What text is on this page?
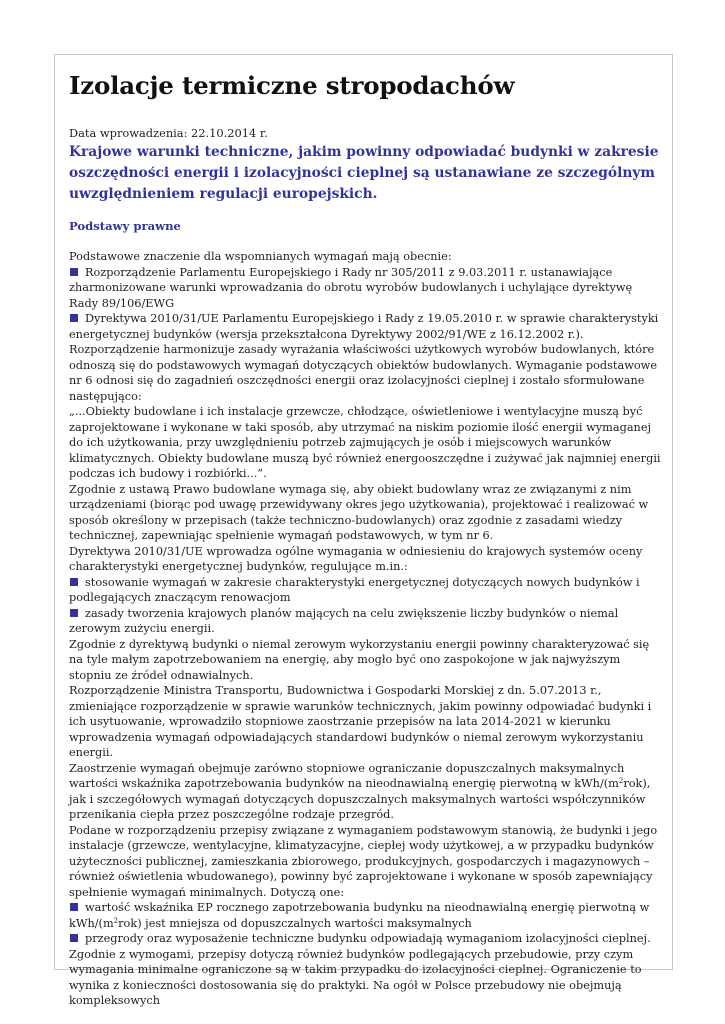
Izolacje termiczne stropodachów
Data wprowadzenia: 22.10.2014 r.
Krajowe warunki techniczne, jakim powinny odpowiadać budynki w zakresie oszczędności energii i izolacyjności cieplnej są ustanawiane ze szczególnym uwzględnieniem regulacji europejskich.
Podstawy prawne

Podstawowe znaczenie dla wspomnianych wymagań mają obecnie:

Rozporządzenie Parlamentu Europejskiego i Rady nr 305/2011 z 9.03.2011 r. ustanawiające zharmonizowane warunki wprowadzania do obrotu wyrobów budowlanych i uchylające dyrektywę Rady 89/106/EWG

Dyrektywa 2010/31/UE Parlamentu Europejskiego i Rady z 19.05.2010 r. w sprawie charakterystyki energetycznej budynków (wersja przekształcona Dyrektywy 2002/91/WE z 16.12.2002 r.).

Rozporządzenie harmonizuje zasady wyrażania właściwości użytkowych wyrobów budowlanych, które odnoszą się do podstawowych wymagań dotyczących obiektów budowlanych. Wymaganie podstawowe nr 6 odnosi się do zagadnień oszczędności energii oraz izolacyjności cieplnej i zostało sformułowane następująco:

„...Obiekty budowlane i ich instalacje grzewcze, chłodzące, oświetleniowe i wentylacyjne muszą być zaprojektowane i wykonane w taki sposób, aby utrzymać na niskim poziomie ilość energii wymaganej do ich użytkowania, przy uwzględnieniu potrzeb zajmujących je osób i miejscowych warunków klimatycznych. Obiekty budowlane muszą być również energooszczędne i zużywać jak najmniej energii podczas ich budowy i rozbiórki...”.

Zgodnie z ustawą Prawo budowlane wymaga się, aby obiekt budowlany wraz ze związanymi z nim urządzeniami (biorąc pod uwagę przewidywany okres jego użytkowania), projektować i realizować w sposób określony w przepisach (także techniczno-budowlanych) oraz zgodnie z zasadami wiedzy technicznej, zapewniając spełnienie wymagań podstawowych, w tym nr 6.

Dyrektywa 2010/31/UE wprowadza ogólne wymagania w odniesieniu do krajowych systemów oceny charakterystyki energetycznej budynków, regulujące m.in.:

stosowanie wymagań w zakresie charakterystyki energetycznej dotyczących nowych budynków i podlegających znaczącym renowacjom

zasady tworzenia krajowych planów mających na celu zwiększenie liczby budynków o niemal zerowym zużyciu energii.

Zgodnie z dyrektywą budynki o niemal zerowym wykorzystaniu energii powinny charakteryzować się na tyle małym zapotrzebowaniem na energię, aby mogło być ono zaspokojone w jak najwyższym stopniu ze źródeł odnawialnych.

Rozporządzenie Ministra Transportu, Budownictwa i Gospodarki Morskiej z dn. 5.07.2013 r., zmieniające rozporządzenie w sprawie warunków technicznych, jakim powinny odpowiadać budynki i ich usytuowanie, wprowadziło stopniowe zaostrzanie przepisów na lata 2014-2021 w kierunku wprowadzenia wymagań odpowiadających standardowi budynków o niemal zerowym wykorzystaniu energii.

Zaostrzenie wymagań obejmuje zarówno stopniowe ograniczanie dopuszczalnych maksymalnych wartości wskaźnika zapotrzebowania budynków na nieodnawialną energię pierwotną w kWh/$(m^2rok)$, jak i szczegółowych wymagań dotyczących dopuszczalnych maksymalnych wartości współczynników przenikania ciepła przez poszczególne rodzaje przegród.

Podane w rozporządzeniu przepisy związane z wymaganiem podstawowym stanowią, że budynki i jego instalacje (grzewcze, wentylacyjne, klimatyzacyjne, ciepłej wody użytkowej, a w przypadku budynków użyteczności publicznej, zamieszkania zbiorowego, produkcyjnych, gospodarczych i magazynowych – również oświetlenia wbudowanego), powinny być zaprojektowane i wykonane w sposób zapewniający spełnienie wymagań minimalnych. Dotyczą one:

wartość wskaźnika EP rocznego zapotrzebowania budynku na nieodnawialną energię pierwotną w kWh/$(m^2rok)$ jest mniejsza od dopuszczalnych wartości maksymalnych

przegrody oraz wyposażenie techniczne budynku odpowiadają wymaganiom izolacyjności cieplnej.

Zgodnie z wymogami, przepisy dotyczą również budynków podlegających przebudowie, przy czym wymagania minimalne ograniczone są w takim przypadku do izolacyjności cieplnej. Ograniczenie to wynika z konieczności dostosowania się do praktyki. Na ogół w Polsce przebudowy nie obejmują kompleksowych
